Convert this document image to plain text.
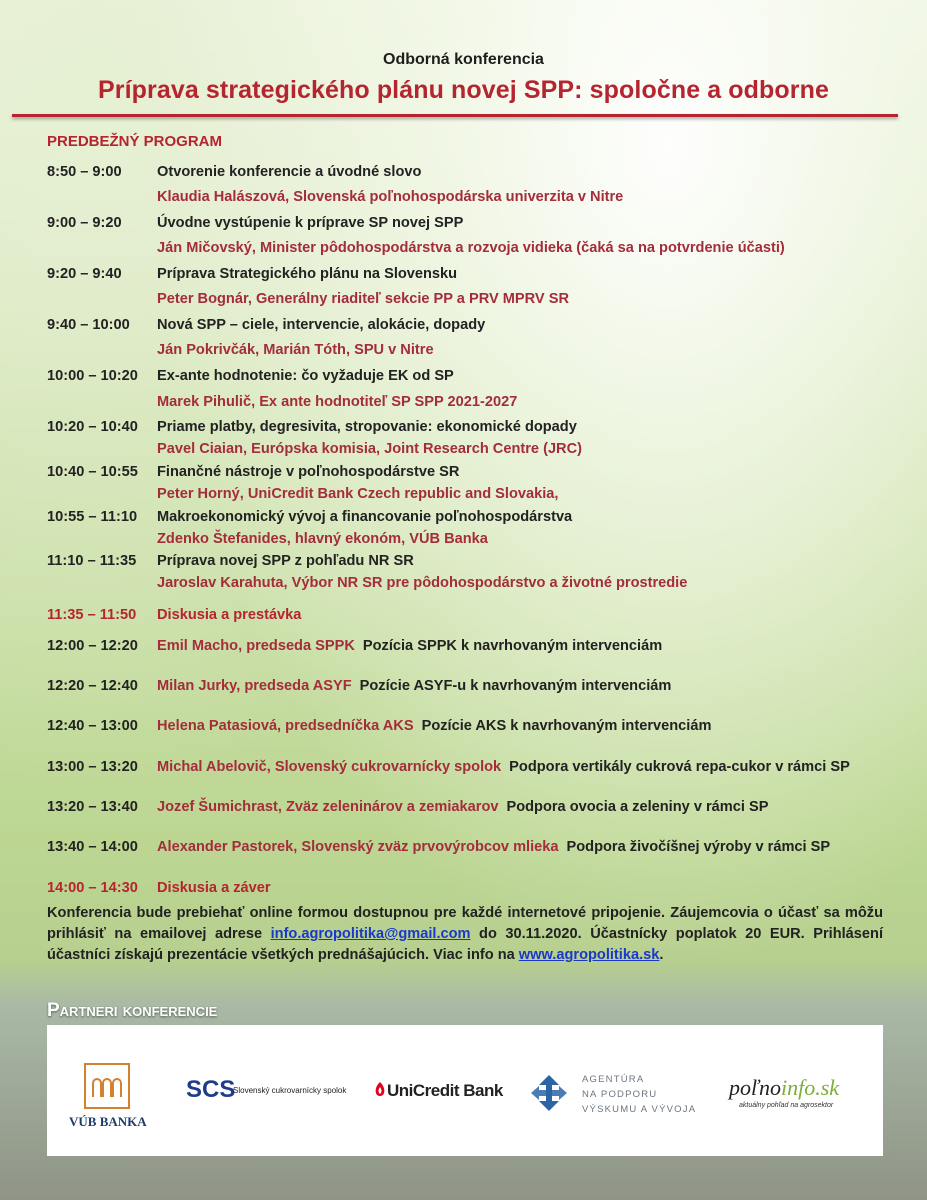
Odborná konferencia
Príprava strategického plánu novej SPP: spoločne a odborne
PREDBEŽNÝ PROGRAM
8:50 – 9:00 Otvorenie konferencie a úvodné slovo
Klaudia Halászová, Slovenská poľnohospodárska univerzita v Nitre
9:00 – 9:20 Úvodne vystúpenie k príprave SP novej SPP
Ján Mičovský, Minister pôdohospodárstva a rozvoja vidieka (čaká sa na potvrdenie účasti)
9:20 – 9:40 Príprava Strategického plánu na Slovensku
Peter Bognár, Generálny riaditeľ sekcie PP a PRV MPRV SR
9:40 – 10:00 Nová SPP – ciele, intervencie, alokácie, dopady
Ján Pokrivčák, Marián Tóth, SPU v Nitre
10:00 – 10:20 Ex-ante hodnotenie: čo vyžaduje EK od SP
Marek Pihulič, Ex ante hodnotiteľ SP SPP 2021-2027
10:20 – 10:40 Priame platby, degresivita, stropovanie: ekonomické dopady
Pavel Ciaian, Európska komisia, Joint Research Centre (JRC)
10:40 – 10:55 Finančné nástroje v poľnohospodárstve SR
Peter Horný, UniCredit Bank Czech republic and Slovakia,
10:55 – 11:10 Makroekonomický vývoj a financovanie poľnohospodárstva
Zdenko Štefanides, hlavný ekonóm, VÚB Banka
11:10 – 11:35 Príprava novej SPP z pohľadu NR SR
Jaroslav Karahuta, Výbor NR SR pre pôdohospodárstvo a životné prostredie
11:35 – 11:50 Diskusia a prestávka
12:00 – 12:20 Emil Macho, predseda SPPK Pozícia SPPK k navrhovaným intervenciám
12:20 – 12:40 Milan Jurky, predseda ASYF Pozície ASYF-u k navrhovaným intervenciám
12:40 – 13:00 Helena Patasiová, predsedníčka AKS Pozície AKS k navrhovaným intervenciám
13:00 – 13:20 Michal Abelovič, Slovenský cukrovarnícky spolok Podpora vertikály cukrová repa-cukor v rámci SP
13:20 – 13:40 Jozef Šumichrast, Zväz zeleninárov a zemiakarov Podpora ovocia a zeleniny v rámci SP
13:40 – 14:00 Alexander Pastorek, Slovenský zväz prvovýrobcov mlieka Podpora živočíšnej výroby v rámci SP
14:00 – 14:30 Diskusia a záver
Konferencia bude prebiehať online formou dostupnou pre každé internetové pripojenie. Záujemcovia o účasť sa môžu prihlásiť na emailovej adrese info.agropolitika@gmail.com do 30.11.2020. Účastnícky poplatok 20 EUR. Prihlásení účastníci získajú prezentácie všetkých prednášajúcich. Viac info na www.agropolitika.sk.
Partneri konferencie
VÚB BANKA
SCS
Slovenský cukrovarnícky spolok UniCredit Bank
AGENTÚRA
NA PODPORU
VÝSKUMU A VÝVOJA
poľnoinfo.sk
aktuálny pohľad na agrosektor
